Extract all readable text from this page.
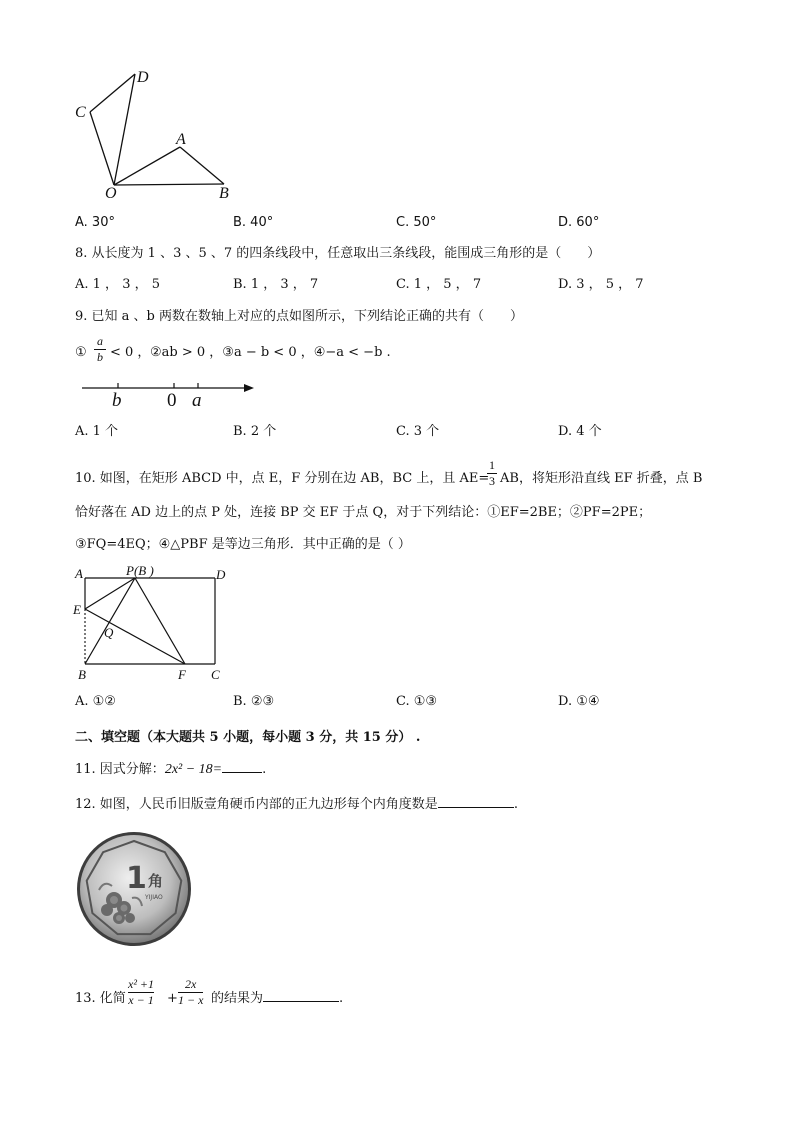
D
C
A
O	B
A. 30°	B. 40°	C. 50°	D. 60°
8. 从长度为 1 、3 、5 、7 的四条线段中，任意取出三条线段，能围成三角形的是（　　）
A. 1 ， 3 ， 5	B. 1 ， 3 ， 7	C. 1 ， 5 ， 7	D. 3 ， 5 ， 7
9. 已知 a 、b 两数在数轴上对应的点如图所示，下列结论正确的共有（　　）
①
a
b < 0 ， ②ab > 0 ，③a − b < 0 ，④−a < −b .
b 0 a
A. 1 个	B. 2 个	C. 3 个	D. 4 个
10. 如图，在矩形 ABCD 中，点 E，F 分别在边 AB，BC 上，且 AE=
1
3 AB，将矩形沿直线 EF 折叠，点 B
恰好落在 AD 边上的点 P 处，连接 BP 交 EF 于点 Q，对于下列结论：①EF=2BE；②PF=2PE；
③FQ=4EQ；④△PBF 是等边三角形．其中正确的是（ ）
A	P(B )	D
E
Q
B	F C
A. ①②	B. ②③	C. ①③	D. ①④
二、填空题（本大题共 5 小题，每小题 3 分，共 15 分） .
11. 因式分解：2x² − 18=	.
12. 如图，人民币旧版壹角硬币内部的正九边形每个内角度数是	.
1 角
YIJIAO
13. 化简
x² +1
x − 1 +
2x
1 − x 的结果为	.
